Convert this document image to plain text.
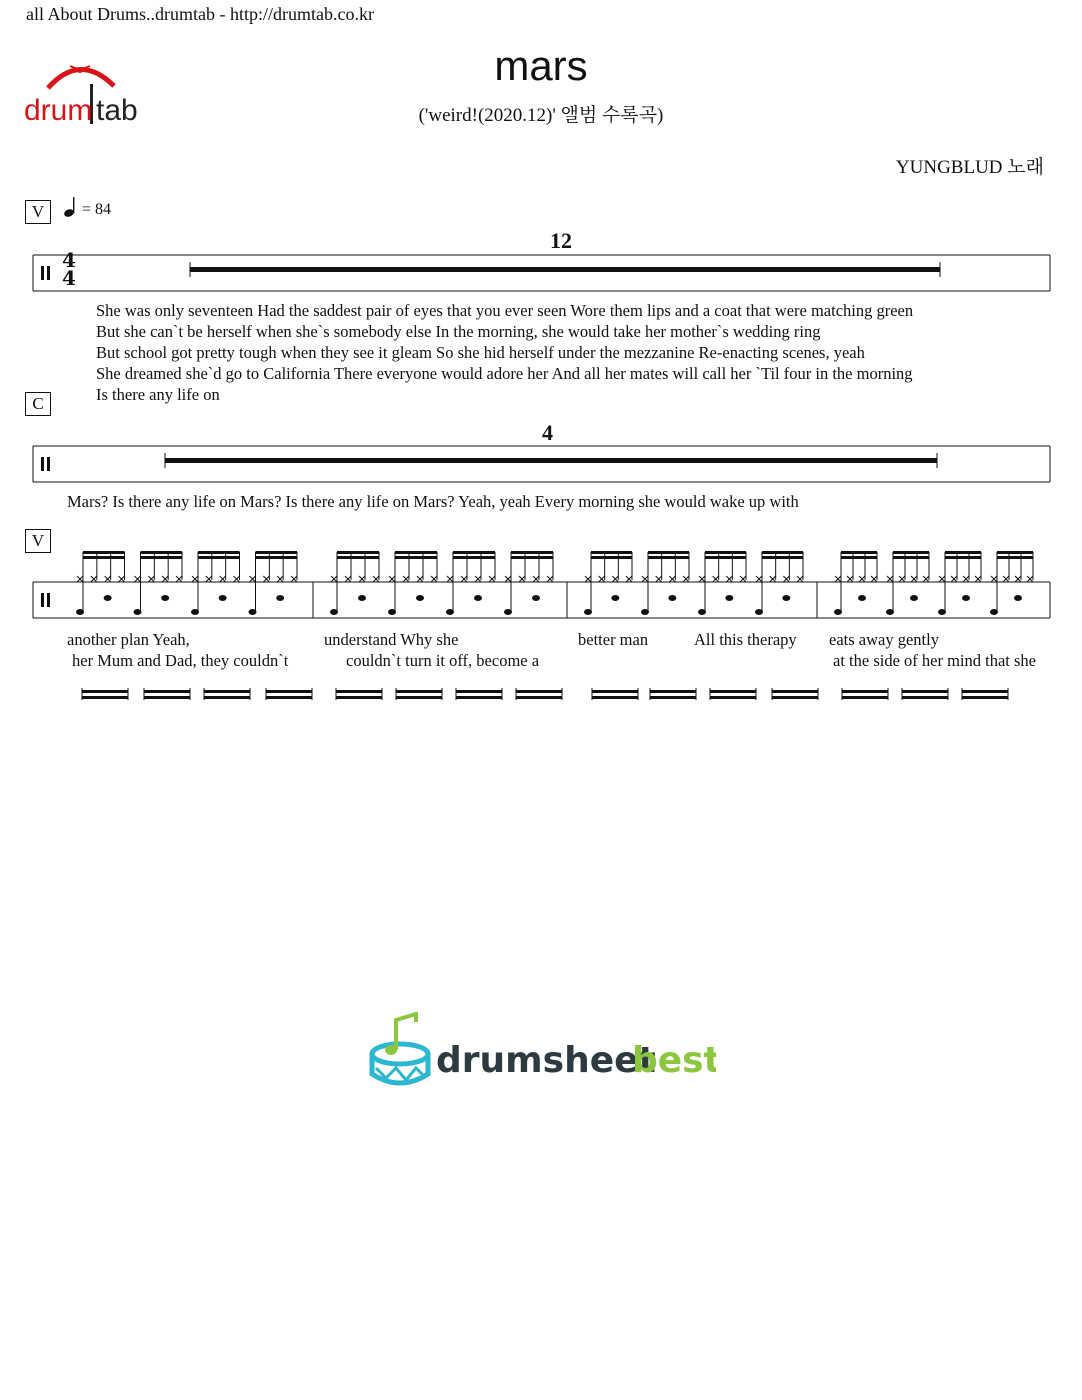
all About Drums..drumtab - http://drumtab.co.kr
drum tab
mars
('weird!(2020.12)' 앨범 수록곡)
YUNGBLUD 노래
V
C
V
= 84
12
4
4
4
She was only seventeen Had the saddest pair of eyes that you ever seen Wore them lips and a coat that were matching green
But she can`t be herself when she`s somebody else In the morning, she would take her mother`s wedding ring
But school got pretty tough when they see it gleam So she hid herself under the mezzanine Re-enacting scenes, yeah
She dreamed she`d go to California There everyone would adore her And all her mates will call her `Til four in the morning
Is there any life on
Mars? Is there any life on Mars? Is there any life on Mars? Yeah, yeah Every morning she would wake up with
another plan Yeah,	understand Why she	better man	All this therapy eats away gently
her Mum and Dad, they couldn`t	couldn`t turn it off, become a	at the side of her mind that she
drumsheet
best
